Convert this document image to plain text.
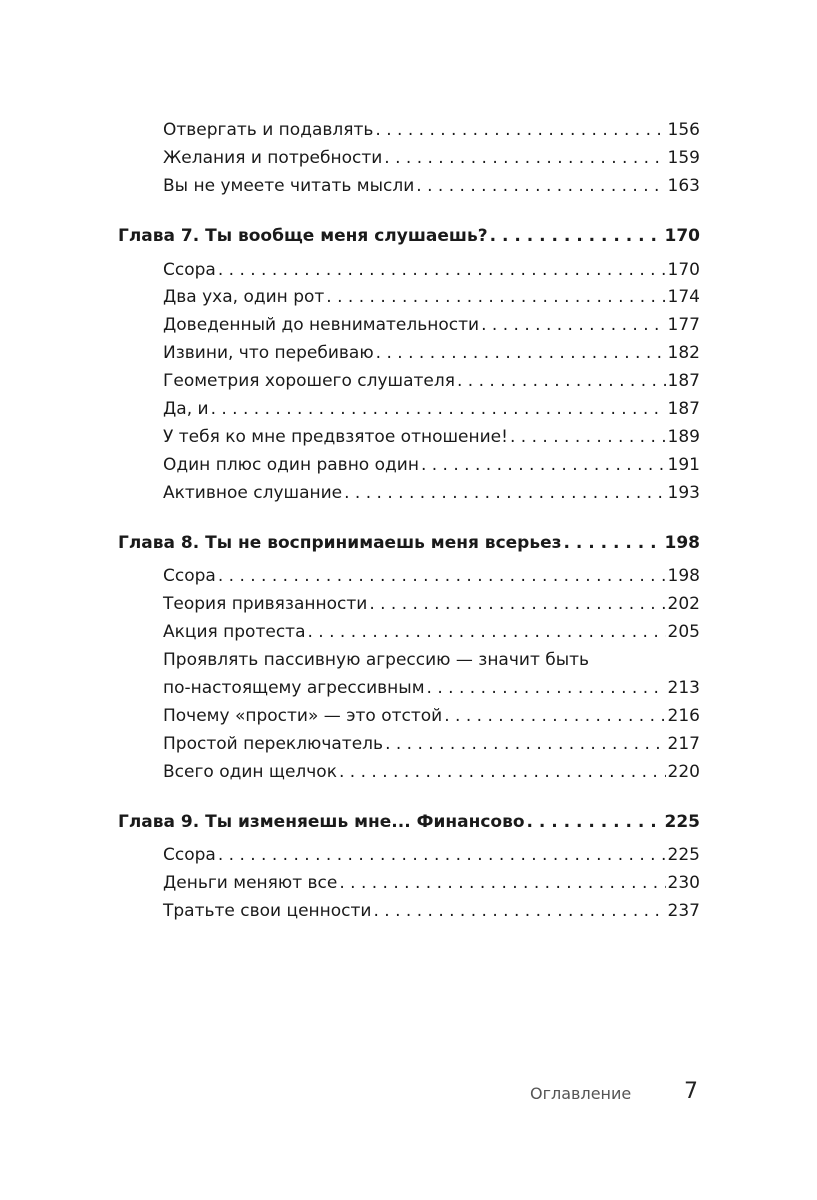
Отвергать и подавлять . . .	156
Желания и потребности . . .	159
Вы не умеете читать мысли . . .	163
Глава 7. Ты вообще меня слушаешь? . . .	170
Ссора . . .	170
Два уха, один рот . . .	174
Доведенный до невнимательности . . .	177
Извини, что перебиваю . . .	182
Геометрия хорошего слушателя . . .	187
Да, и . . .	187
У тебя ко мне предвзятое отношение! . . .	189
Один плюс один равно один . . .	191
Активное слушание . . .	193
Глава 8. Ты не воспринимаешь меня всерьез . . .	198
Ссора . . .	198
Теория привязанности . . .	202
Акция протеста . . .	205
Проявлять пассивную агрессию — значит быть
по-настоящему агрессивным . . .	213
Почему «прости» — это отстой . . .	216
Простой переключатель . . .	217
Всего один щелчок . . .	220
Глава 9. Ты изменяешь мне... Финансово . . .	225
Ссора . . .	225
Деньги меняют все . . .	230
Тратьте свои ценности . . .	237
Оглавление 7
